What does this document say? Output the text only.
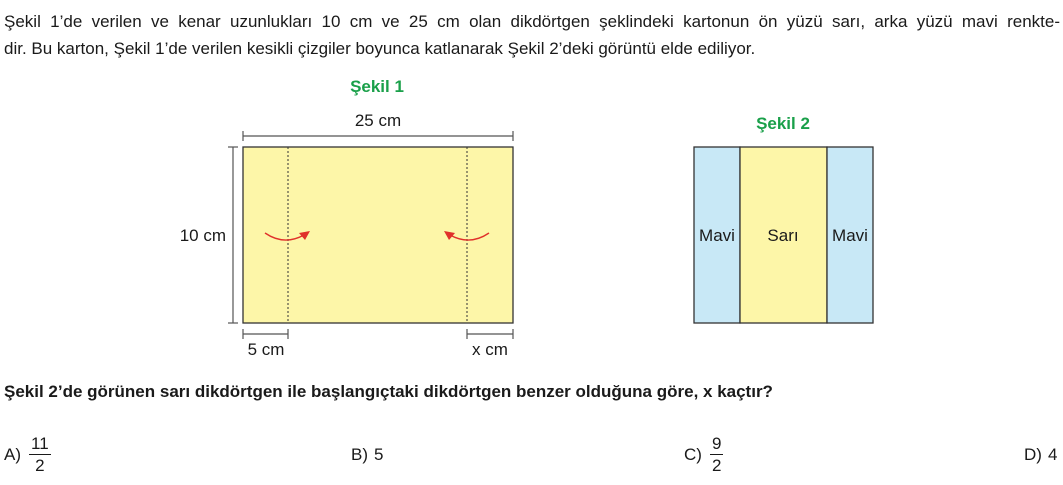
Şekil 1’de verilen ve kenar uzunlukları 10 cm ve 25 cm olan dikdörtgen şeklindeki kartonun ön yüzü sarı, arka yüzü mavi renkte-
dir. Bu karton, Şekil 1’de verilen kesikli çizgiler boyunca katlanarak Şekil 2’deki görüntü elde ediliyor.

Şekil 1
25 cm
10 cm
5 cm	x cm
Şekil 2
Mavi Sarı Mavi

Şekil 2’de görünen sarı dikdörtgen ile başlangıçtaki dikdörtgen benzer olduğuna göre, x kaçtır?

$A) \frac{11}{2}$	B) 5	$C) \frac{9}{2}$	D) 4
